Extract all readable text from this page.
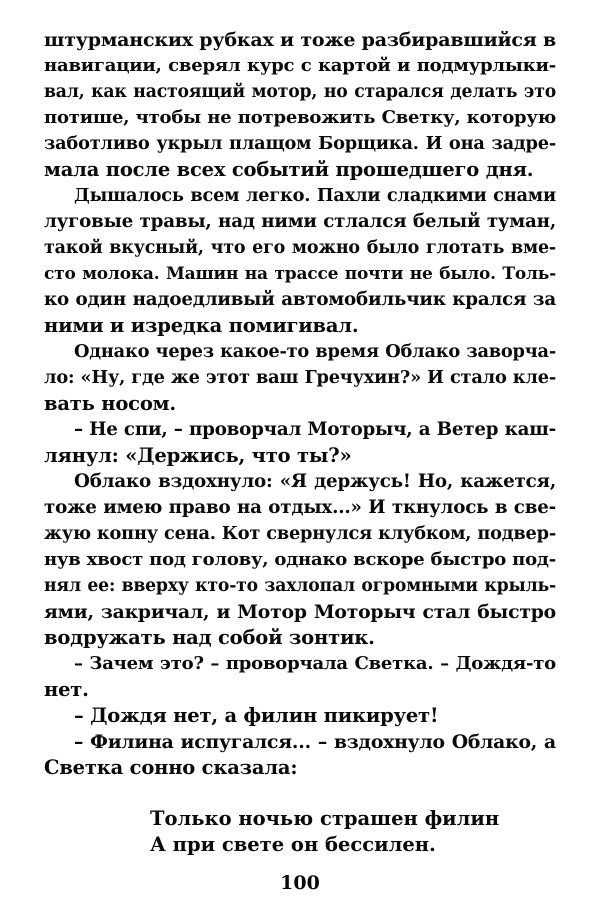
штурманских рубках и тоже разбиравшийся в
навигации, сверял курс с картой и подмурлыки-
вал, как настоящий мотор, но старался делать это
потише, чтобы не потревожить Светку, которую
заботливо укрыл плащом Борщика. И она задре-
мала после всех событий прошедшего дня.
Дышалось всем легко. Пахли сладкими снами
луговые травы, над ними стлался белый туман,
такой вкусный, что его можно было глотать вме-
сто молока. Машин на трассе почти не было. Толь-
ко один надоедливый автомобильчик крался за
ними и изредка помигивал.
Однако через какое-то время Облако заворча-
ло: «Ну, где же этот ваш Гречухин?» И стало кле-
вать носом.
– Не спи, – проворчал Моторыч, а Ветер каш-
лянул: «Держись, что ты?»
Облако вздохнуло: «Я держусь! Но, кажется,
тоже имею право на отдых...» И ткнулось в све-
жую копну сена. Кот свернулся клубком, подвер-
нув хвост под голову, однако вскоре быстро под-
нял ее: вверху кто-то захлопал огромными крыль-
ями, закричал, и Мотор Моторыч стал быстро
водружать над собой зонтик.
– Зачем это? – проворчала Светка. – Дождя-то
нет.
– Дождя нет, а филин пикирует!
– Филина испугался... – вздохнуло Облако, а
Светка сонно сказала:
Только ночью страшен филин
А при свете он бессилен.
100
